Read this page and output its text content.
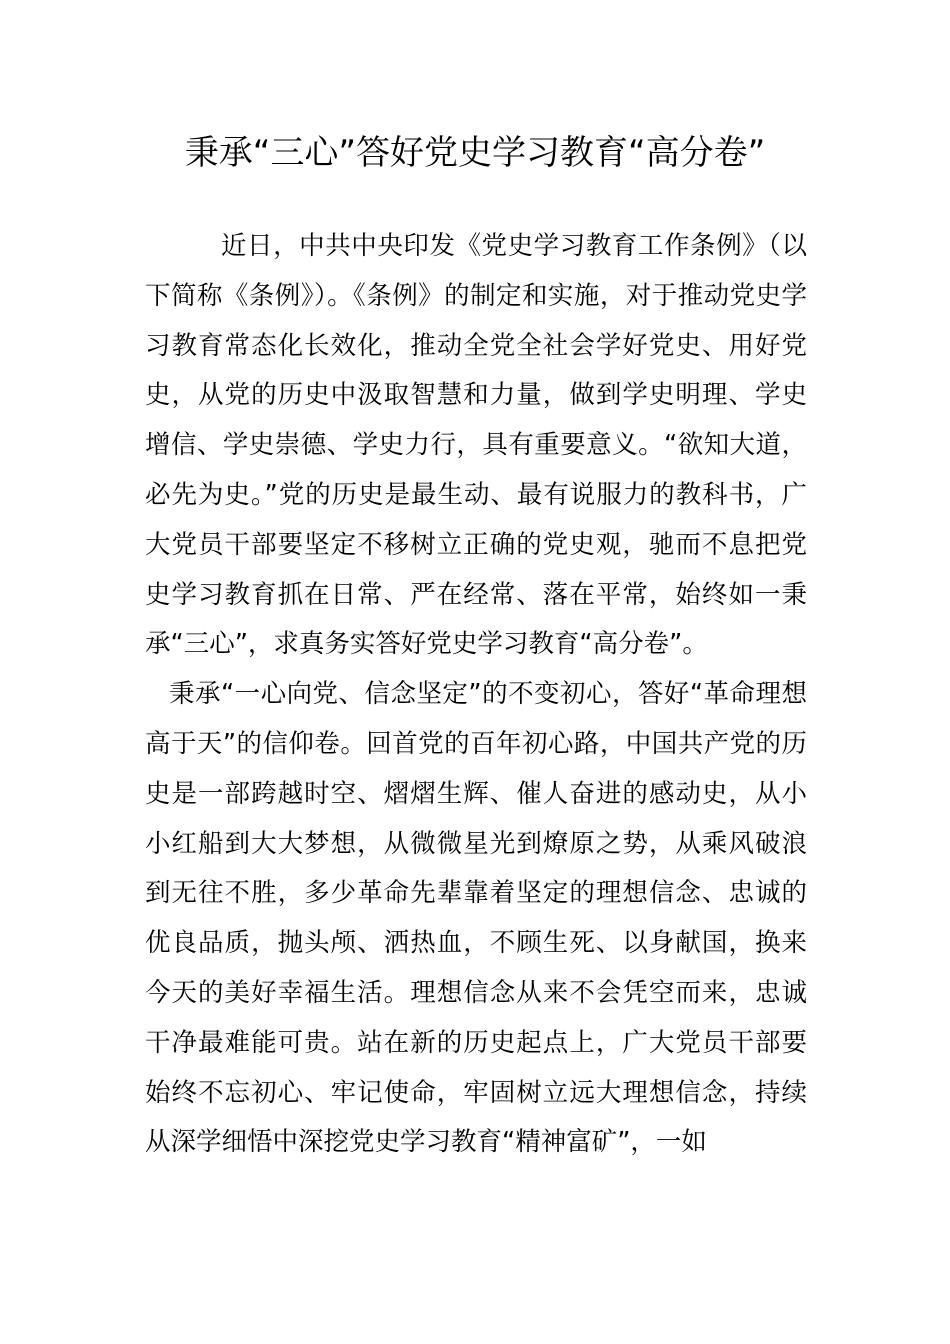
秉承“三心”答好党史学习教育“高分卷”

近日，中共中央印发《党史学习教育工作条例》（以下简称《条例》）。《条例》的制定和实施，对于推动党史学习教育常态化长效化，推动全党全社会学好党史、用好党史，从党的历史中汲取智慧和力量，做到学史明理、学史增信、学史崇德、学史力行，具有重要意义。“欲知大道，必先为史。”党的历史是最生动、最有说服力的教科书，广大党员干部要坚定不移树立正确的党史观，驰而不息把党史学习教育抓在日常、严在经常、落在平常，始终如一秉承“三心”，求真务实答好党史学习教育“高分卷”。

秉承“一心向党、信念坚定”的不变初心，答好“革命理想高于天”的信仰卷。回首党的百年初心路，中国共产党的历史是一部跨越时空、熠熠生辉、催人奋进的感动史，从小小红船到大大梦想，从微微星光到燎原之势，从乘风破浪到无往不胜，多少革命先辈靠着坚定的理想信念、忠诚的优良品质，抛头颅、洒热血，不顾生死、以身献国，换来今天的美好幸福生活。理想信念从来不会凭空而来，忠诚干净最难能可贵。站在新的历史起点上，广大党员干部要始终不忘初心、牢记使命，牢固树立远大理想信念，持续从深学细悟中深挖党史学习教育“精神富矿”，一如
